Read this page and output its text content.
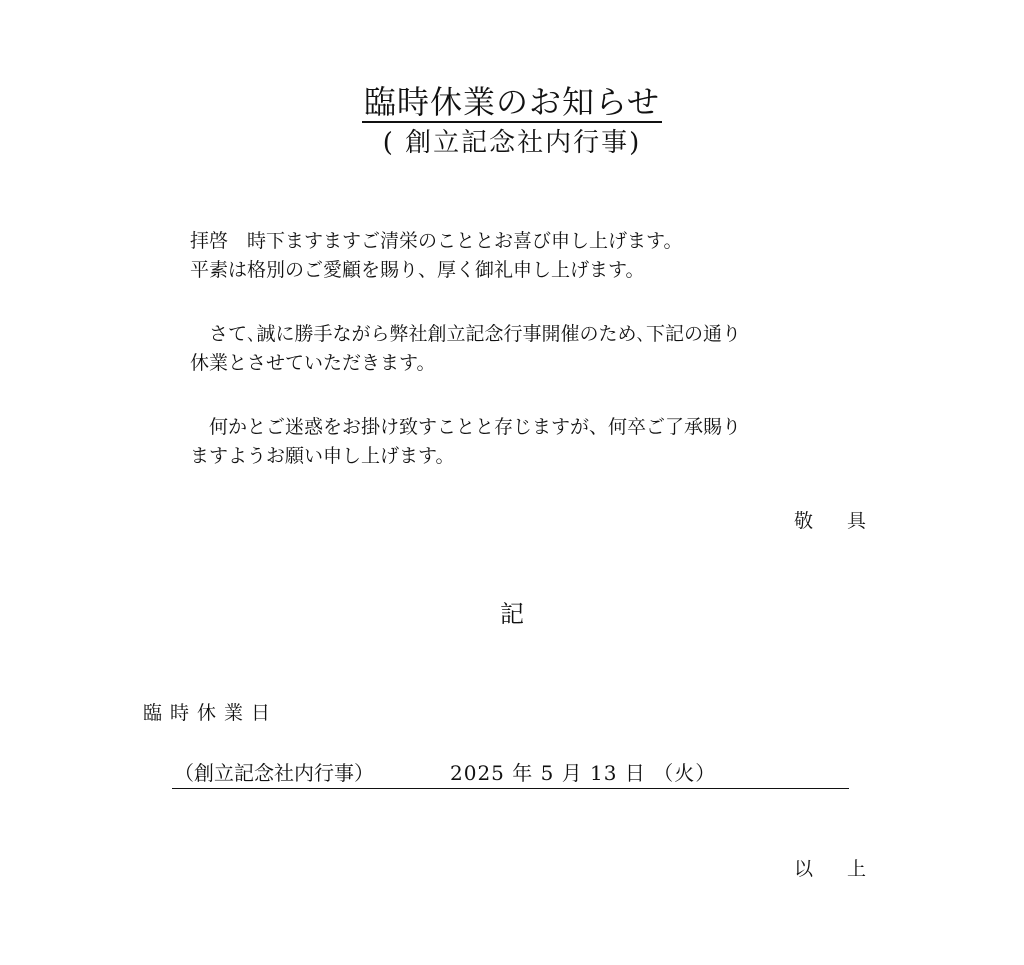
臨時休業のお知らせ
( 創立記念社内行事)
拝啓　時下ますますご清栄のこととお喜び申し上げます。
平素は格別のご愛顧を賜り、厚く御礼申し上げます。
　さて､誠に勝手ながら弊社創立記念行事開催のため､下記の通り
休業とさせていただきます。
　何かとご迷惑をお掛け致すことと存じますが、何卒ご了承賜り
ますようお願い申し上げます。
敬 具
記
臨時休業日
（創立記念社内行事）	2025 年 5 月 13 日 （火）
以 上
